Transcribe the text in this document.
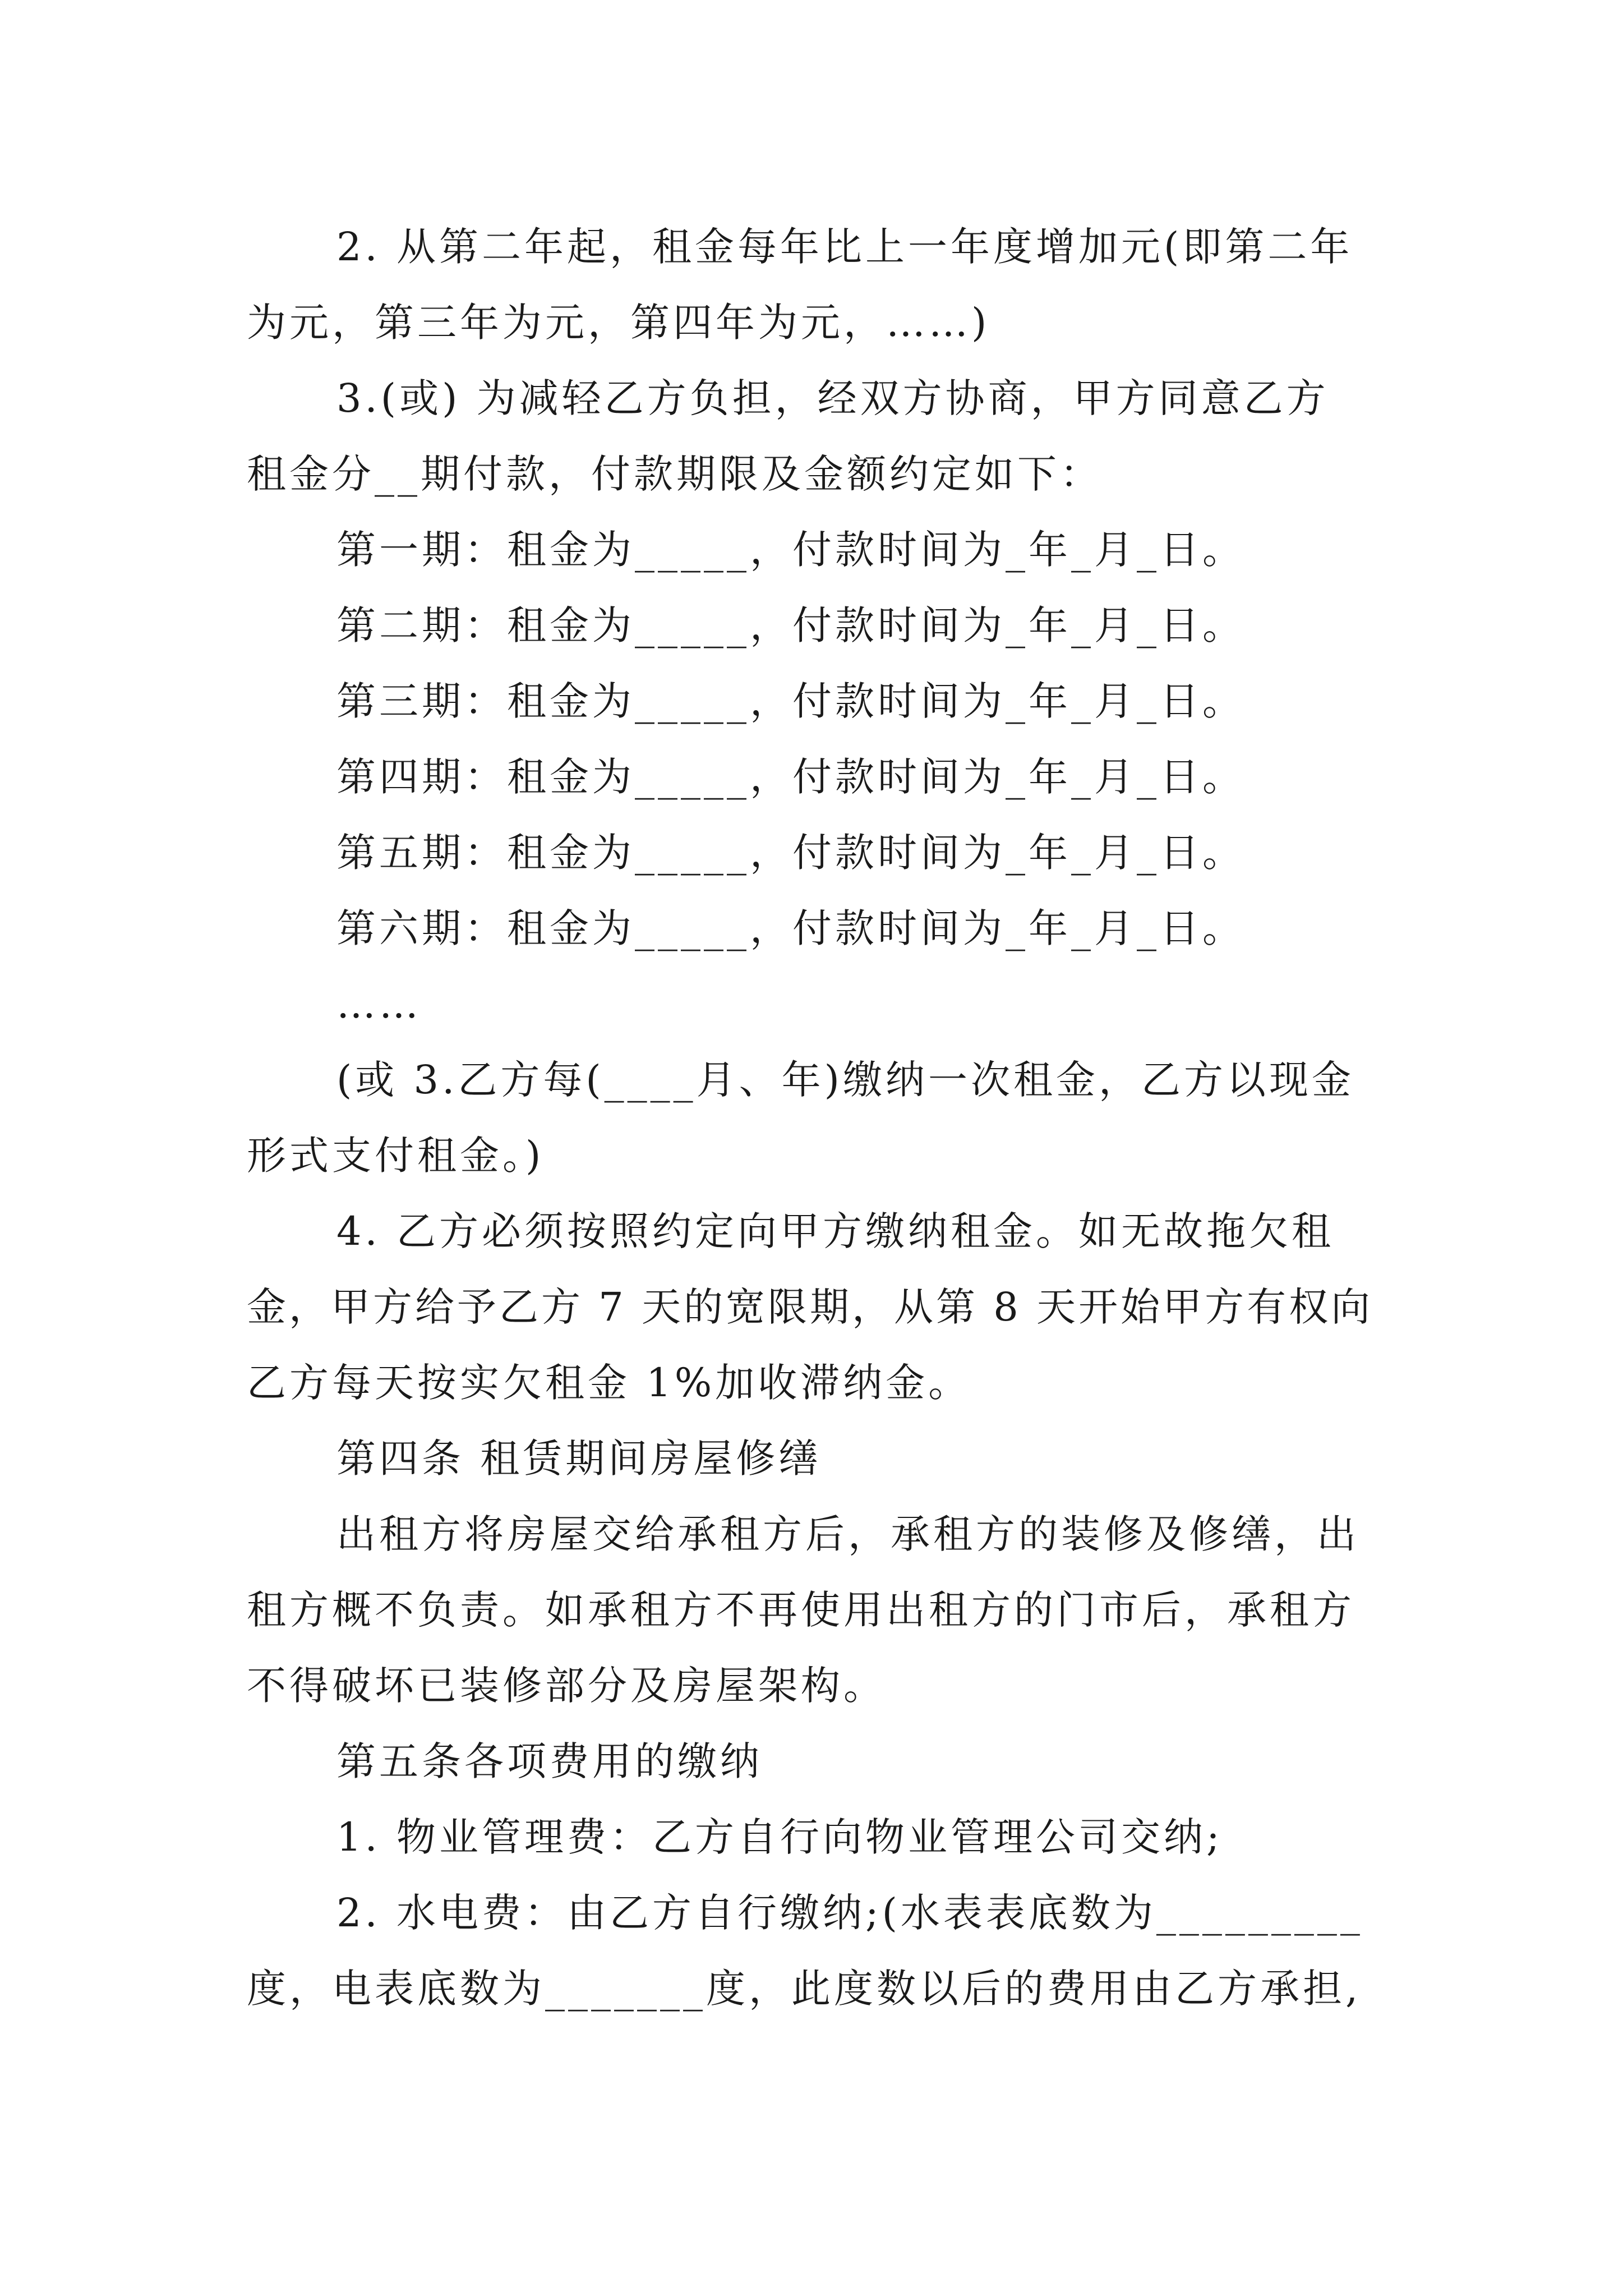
2. 从第二年起，租金每年比上一年度增加元(即第二年
为元，第三年为元，第四年为元，……)
3.(或) 为减轻乙方负担，经双方协商，甲方同意乙方
租金分__期付款，付款期限及金额约定如下：
第一期：租金为_____，付款时间为_年_月_日。
第二期：租金为_____，付款时间为_年_月_日。
第三期：租金为_____，付款时间为_年_月_日。
第四期：租金为_____，付款时间为_年_月_日。
第五期：租金为_____，付款时间为_年_月_日。
第六期：租金为_____，付款时间为_年_月_日。
……
(或 3.乙方每(____月、年)缴纳一次租金，乙方以现金
形式支付租金。)
4. 乙方必须按照约定向甲方缴纳租金。如无故拖欠租
金，甲方给予乙方 7 天的宽限期，从第 8 天开始甲方有权向
乙方每天按实欠租金 1%加收滞纳金。
第四条 租赁期间房屋修缮
出租方将房屋交给承租方后，承租方的装修及修缮，出
租方概不负责。如承租方不再使用出租方的门市后，承租方
不得破坏已装修部分及房屋架构。
第五条各项费用的缴纳
1. 物业管理费：乙方自行向物业管理公司交纳;
2. 水电费：由乙方自行缴纳;(水表表底数为_________
度，电表底数为_______度，此度数以后的费用由乙方承担,
